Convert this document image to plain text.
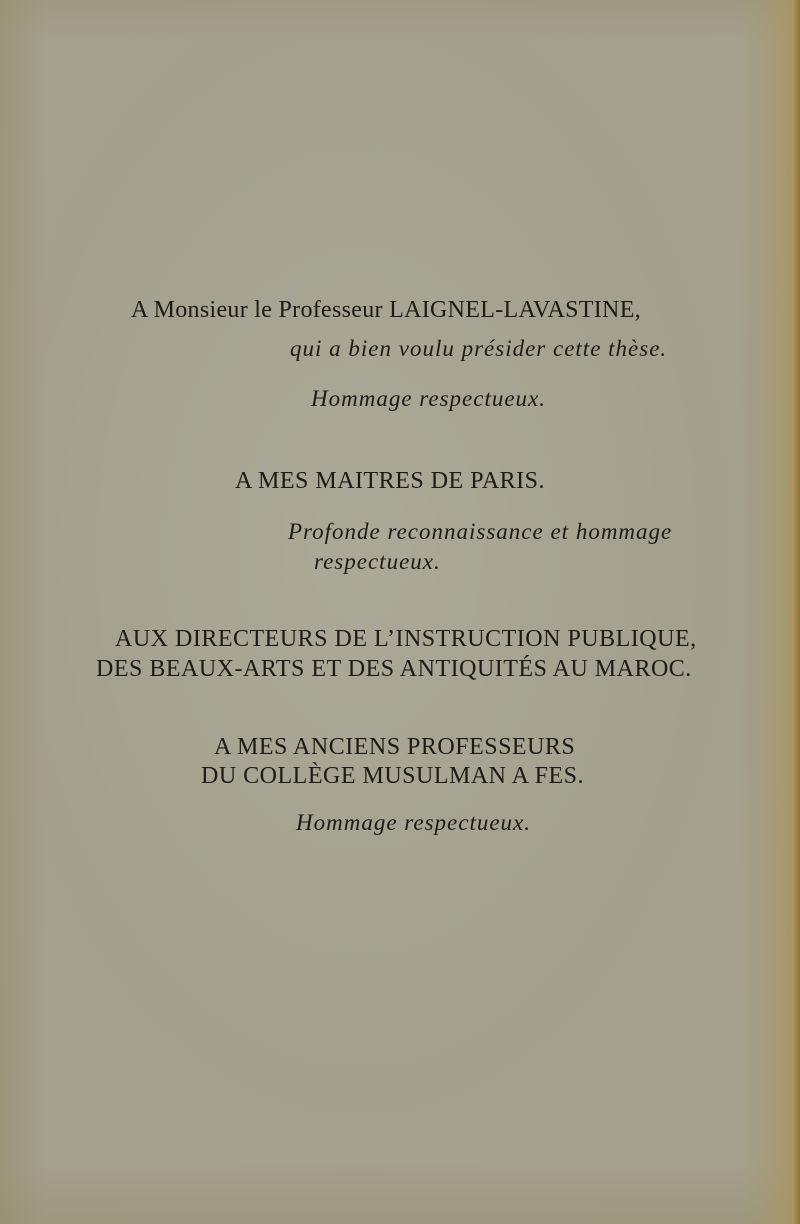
A Monsieur le Professeur LAIGNEL-LAVASTINE,

qui a bien voulu présider cette thèse.

Hommage respectueux.

A MES MAITRES DE PARIS.

Profonde reconnaissance et hommage

respectueux.

AUX DIRECTEURS DE L’INSTRUCTION PUBLIQUE,

DES BEAUX-ARTS ET DES ANTIQUITÉS AU MAROC.

A MES ANCIENS PROFESSEURS

DU COLLÈGE MUSULMAN A FES.

Hommage respectueux.
